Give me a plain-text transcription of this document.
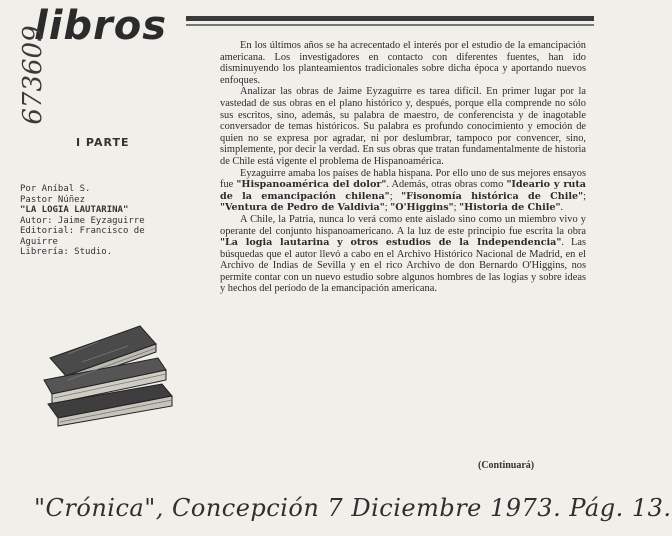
libros
673609
I PARTE
Por Aníbal S.
Pastor Núñez
"LA LOGIA LAUTARINA"
Autor: Jaime Eyzaguirre
Editorial: Francisco de
Aguirre
Librería: Studio.

En los últimos años se ha acrecentado el interés por el estudio de la emancipación americana. Los investigadores en contacto con diferentes fuentes, han ido disminuyendo los planteamientos tradicionales sobre dicha época y aportando nuevos enfoques.

Analizar las obras de Jaime Eyzaguirre es tarea difícil. En primer lugar por la vastedad de sus obras en el plano histórico y, después, porque ella comprende no sólo sus escritos, sino, además, su palabra de maestro, de conferencista y de inagotable conversador de temas históricos. Su palabra es profundo conocimiento y emoción de quien no se expresa por agradar, ni por deslumbrar, tampoco por convencer, sino, simplemente, por decir la verdad. En sus obras que tratan fundamentalmente de historia de Chile está vigente el problema de Hispanoamérica.

Eyzaguirre amaba los países de habla hispana. Por ello uno de sus mejores ensayos fue "Hispanoamérica del dolor". Además, otras obras como "Ideario y ruta de la emancipación chilena"; "Fisonomía histórica de Chile"; "Ventura de Pedro de Valdivia"; "O'Higgins"; "Historia de Chile".

A Chile, la Patria, nunca lo verá como ente aislado sino como un miembro vivo y operante del conjunto hispanoamericano. A la luz de este principio fue escrita la obra "La logia lautarina y otros estudios de la Independencia". Las búsquedas que el autor llevó a cabo en el Archivo Histórico Nacional de Madrid, en el Archivo de Indias de Sevilla y en el rico Archivo de don Bernardo O'Higgins, nos permite contar con un nuevo estudio sobre algunos hombres de las logias y sobre ideas y hechos del período de la emancipación americana.

(Continuará)
"Crónica", Concepción 7 Diciembre 1973. Pág. 13.
